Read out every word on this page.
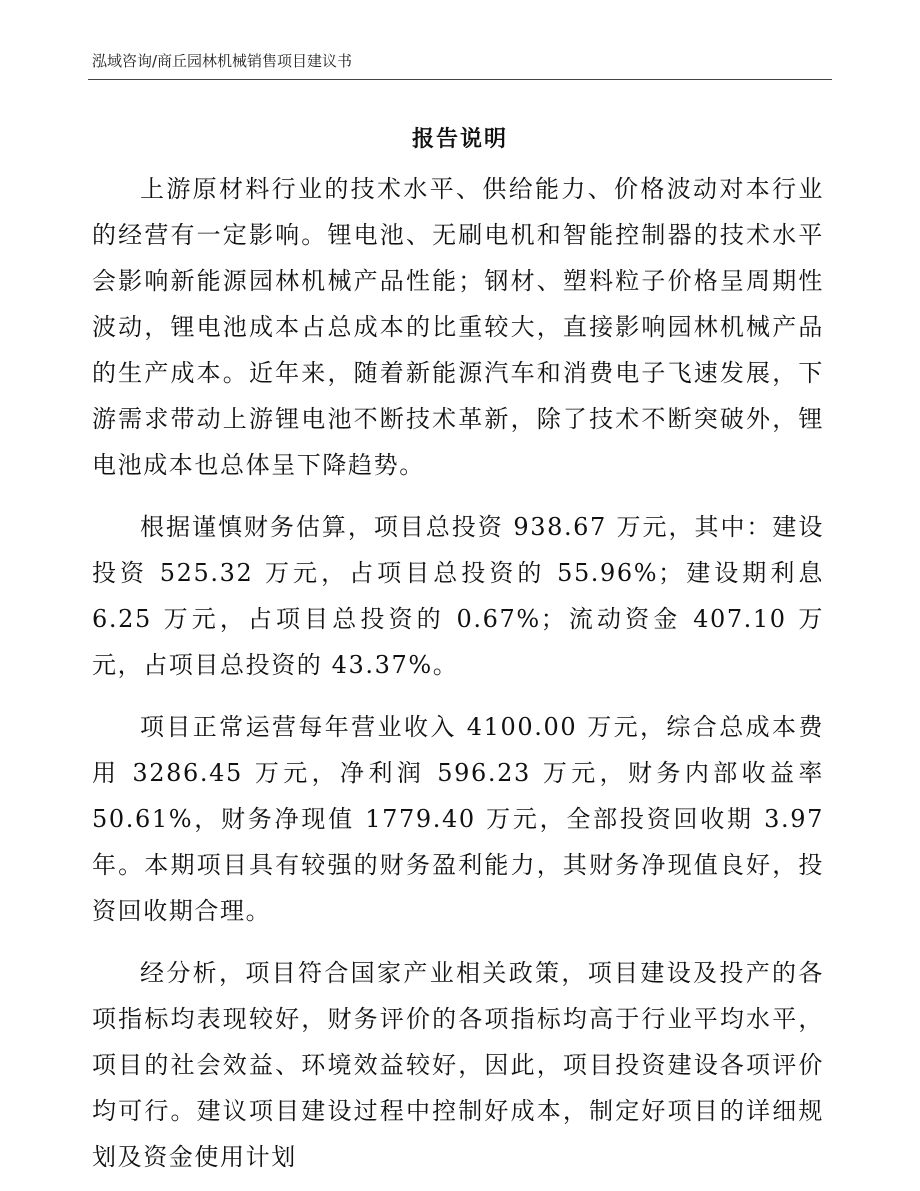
泓域咨询/商丘园林机械销售项目建议书
报告说明

上游原材料行业的技术水平、供给能力、价格波动对本行业的经营有一定影响。锂电池、无刷电机和智能控制器的技术水平会影响新能源园林机械产品性能；钢材、塑料粒子价格呈周期性波动，锂电池成本占总成本的比重较大，直接影响园林机械产品的生产成本。近年来，随着新能源汽车和消费电子飞速发展，下游需求带动上游锂电池不断技术革新，除了技术不断突破外，锂电池成本也总体呈下降趋势。

根据谨慎财务估算，项目总投资 938.67 万元，其中：建设投资 525.32 万元，占项目总投资的 55.96%；建设期利息 6.25 万元，占项目总投资的 0.67%；流动资金 407.10 万元，占项目总投资的 43.37%。

项目正常运营每年营业收入 4100.00 万元，综合总成本费用 3286.45 万元，净利润 596.23 万元，财务内部收益率 50.61%，财务净现值 1779.40 万元，全部投资回收期 3.97 年。本期项目具有较强的财务盈利能力，其财务净现值良好，投资回收期合理。

经分析，项目符合国家产业相关政策，项目建设及投产的各项指标均表现较好，财务评价的各项指标均高于行业平均水平，项目的社会效益、环境效益较好，因此，项目投资建设各项评价均可行。建议项目建设过程中控制好成本，制定好项目的详细规划及资金使用计划
